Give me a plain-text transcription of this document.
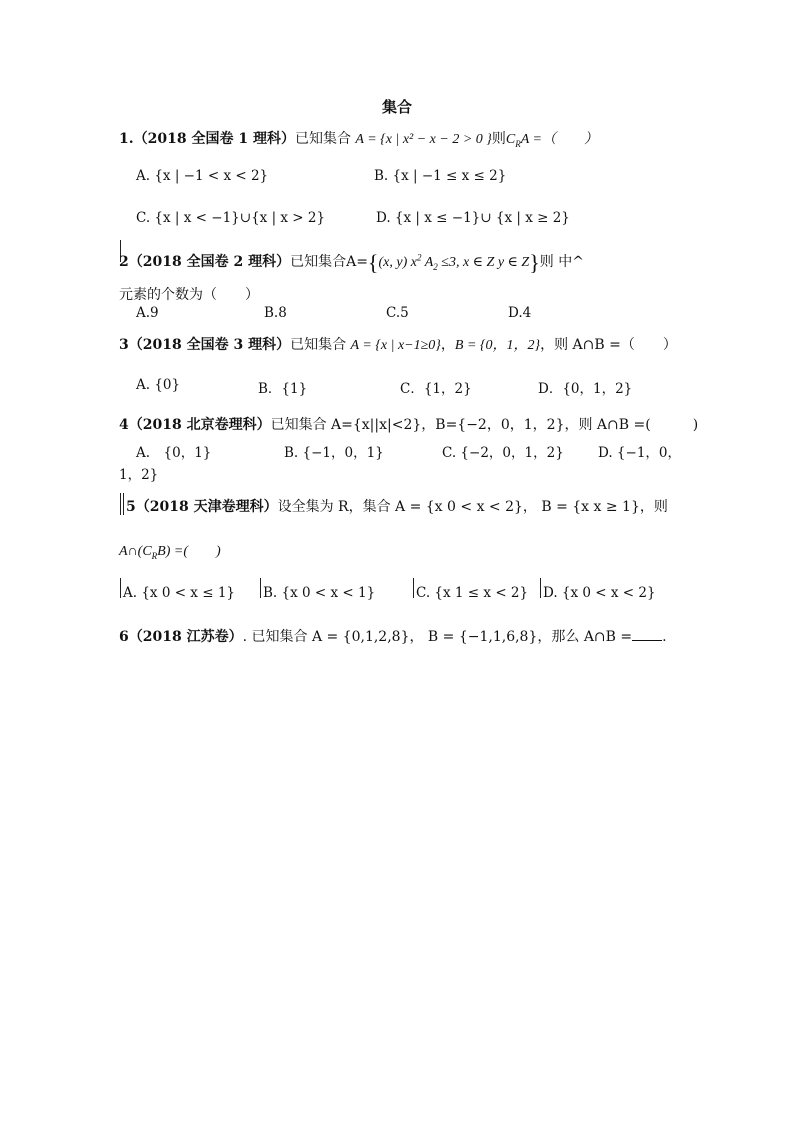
集合
1.（2018 全国卷 1 理科）已知集合 A = {x | x² − x − 2 > 0 }则$C_RA$ =（　　）
A. {x | −1 < x < 2}	B. {x | −1 ≤ x ≤ 2}
C. {x | x < −1}∪{x | x > 2}	D. {x | x ≤ −1}∪ {x | x ≥ 2}
2（2018 全国卷 2 理科）已知集合A={(x, y) $x^2$ $A_2 \le 3$, x ∈ Z y ∈ Z}则 中^
元素的个数为（　　）
A.9	B.8	C.5	D.4
3（2018 全国卷 3 理科）已知集合 A = {x | x−1≥0}，B = {0，1，2}，则 A∩B =（　　）
A. {0}	B．{1}	C．{1，2}	D．{0，1，2}
4（2018 北京卷理科）已知集合 A={x||x|<2}，B={−2，0，1，2}，则 A∩B =(　　　)
A.　{0，1}	B. {−1，0，1}	C. {−2，0，1，2}	D. {−1，0，
1，2}
5（2018 天津卷理科）设全集为 R，集合 A = {x 0 < x < 2}， B = {x x ≥ 1}，则
$A\cap(C_RB)$ =(　　)
A. {x 0 < x ≤ 1} B. {x 0 < x < 1}	C. {x 1 ≤ x < 2} D. {x 0 < x < 2}
6（2018 江苏卷）. 已知集合 A = {0,1,2,8}， B = {−1,1,6,8}，那么 A∩B = .
